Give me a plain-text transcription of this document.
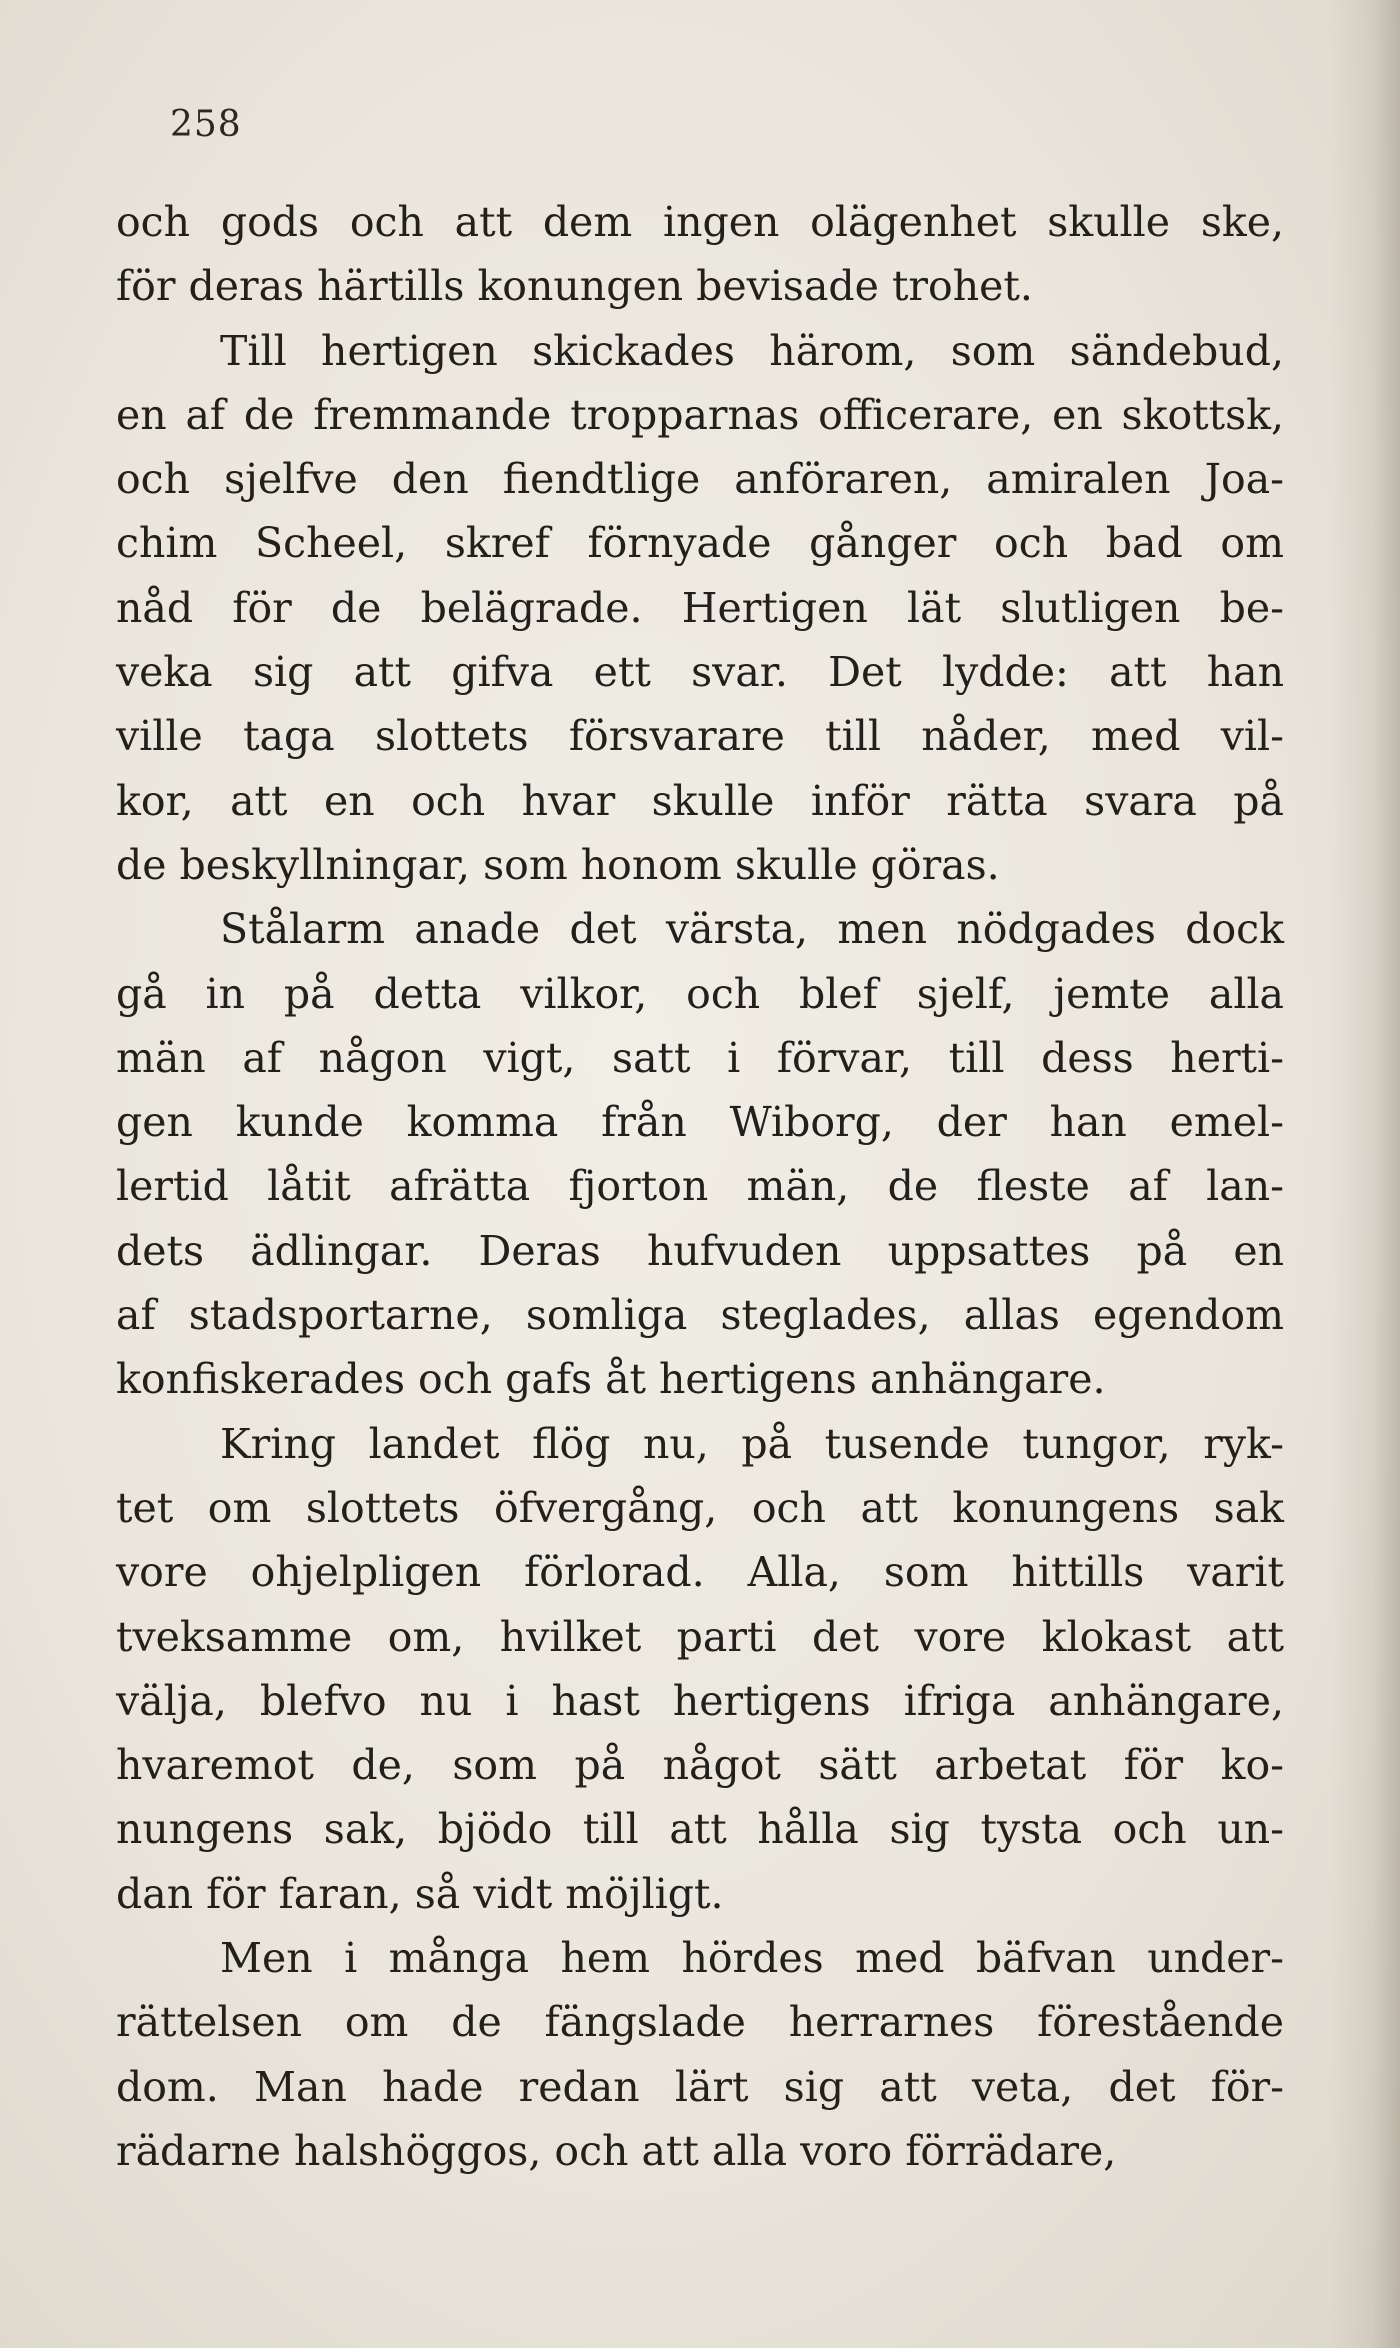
258
och gods och att dem ingen olägenhet skulle ske,
för deras härtills konungen bevisade trohet.
Till hertigen skickades härom, som sändebud,
en af de fremmande tropparnas officerare, en skottsk,
och sjelfve den fiendtlige anföraren, amiralen Joa-
chim Scheel, skref förnyade gånger och bad om
nåd för de belägrade. Hertigen lät slutligen be-
veka sig att gifva ett svar. Det lydde: att han
ville taga slottets försvarare till nåder, med vil-
kor, att en och hvar skulle inför rätta svara på
de beskyllningar, som honom skulle göras.
Stålarm anade det värsta, men nödgades dock
gå in på detta vilkor, och blef sjelf, jemte alla
män af någon vigt, satt i förvar, till dess herti-
gen kunde komma från Wiborg, der han emel-
lertid låtit afrätta fjorton män, de fleste af lan-
dets ädlingar. Deras hufvuden uppsattes på en
af stadsportarne, somliga steglades, allas egendom
konfiskerades och gafs åt hertigens anhängare.
Kring landet flög nu, på tusende tungor, ryk-
tet om slottets öfvergång, och att konungens sak
vore ohjelpligen förlorad. Alla, som hittills varit
tveksamme om, hvilket parti det vore klokast att
välja, blefvo nu i hast hertigens ifriga anhängare,
hvaremot de, som på något sätt arbetat för ko-
nungens sak, bjödo till att hålla sig tysta och un-
dan för faran, så vidt möjligt.
Men i många hem hördes med bäfvan under-
rättelsen om de fängslade herrarnes förestående
dom. Man hade redan lärt sig att veta, det för-
rädarne halshöggos, och att alla voro förrädare,
